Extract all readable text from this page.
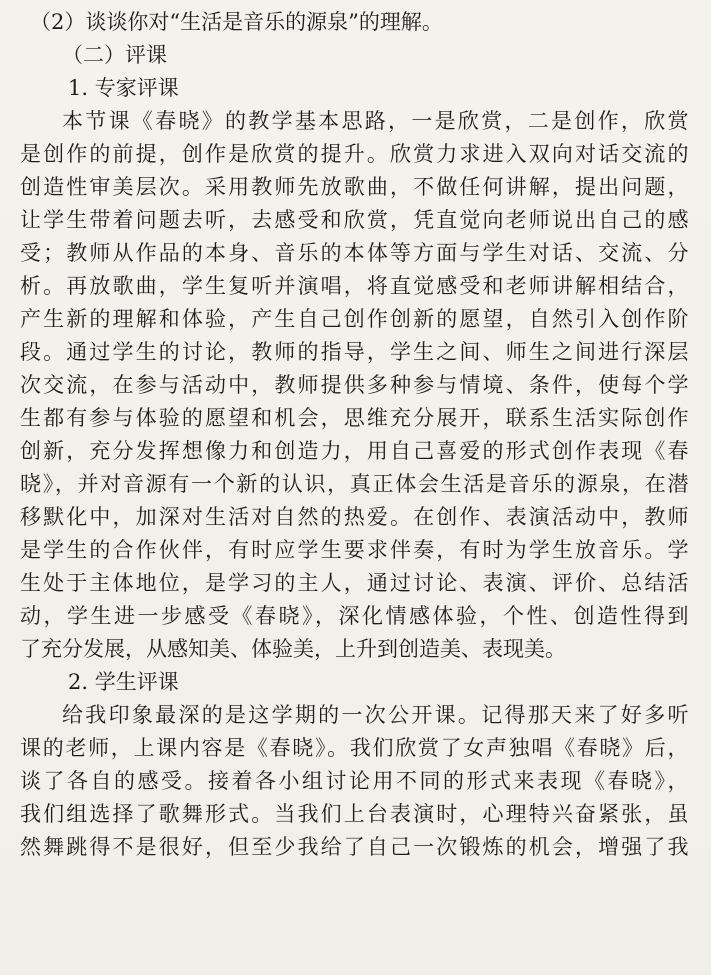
（2）谈谈你对“生活是音乐的源泉”的理解。
（二）评课
1. 专家评课
本节课《春晓》的教学基本思路，一是欣赏，二是创作，欣赏
是创作的前提，创作是欣赏的提升。欣赏力求进入双向对话交流的
创造性审美层次。采用教师先放歌曲，不做任何讲解，提出问题，
让学生带着问题去听，去感受和欣赏，凭直觉向老师说出自己的感
受；教师从作品的本身、音乐的本体等方面与学生对话、交流、分
析。再放歌曲，学生复听并演唱，将直觉感受和老师讲解相结合，
产生新的理解和体验，产生自己创作创新的愿望，自然引入创作阶
段。通过学生的讨论，教师的指导，学生之间、师生之间进行深层
次交流，在参与活动中，教师提供多种参与情境、条件，使每个学
生都有参与体验的愿望和机会，思维充分展开，联系生活实际创作
创新，充分发挥想像力和创造力，用自己喜爱的形式创作表现《春
晓》，并对音源有一个新的认识，真正体会生活是音乐的源泉，在潜
移默化中，加深对生活对自然的热爱。在创作、表演活动中，教师
是学生的合作伙伴，有时应学生要求伴奏，有时为学生放音乐。学
生处于主体地位，是学习的主人，通过讨论、表演、评价、总结活
动，学生进一步感受《春晓》，深化情感体验，个性、创造性得到
了充分发展，从感知美、体验美，上升到创造美、表现美。
2. 学生评课
给我印象最深的是这学期的一次公开课。记得那天来了好多听
课的老师，上课内容是《春晓》。我们欣赏了女声独唱《春晓》后，
谈了各自的感受。接着各小组讨论用不同的形式来表现《春晓》，
我们组选择了歌舞形式。当我们上台表演时，心理特兴奋紧张，虽
然舞跳得不是很好，但至少我给了自己一次锻炼的机会，增强了我
